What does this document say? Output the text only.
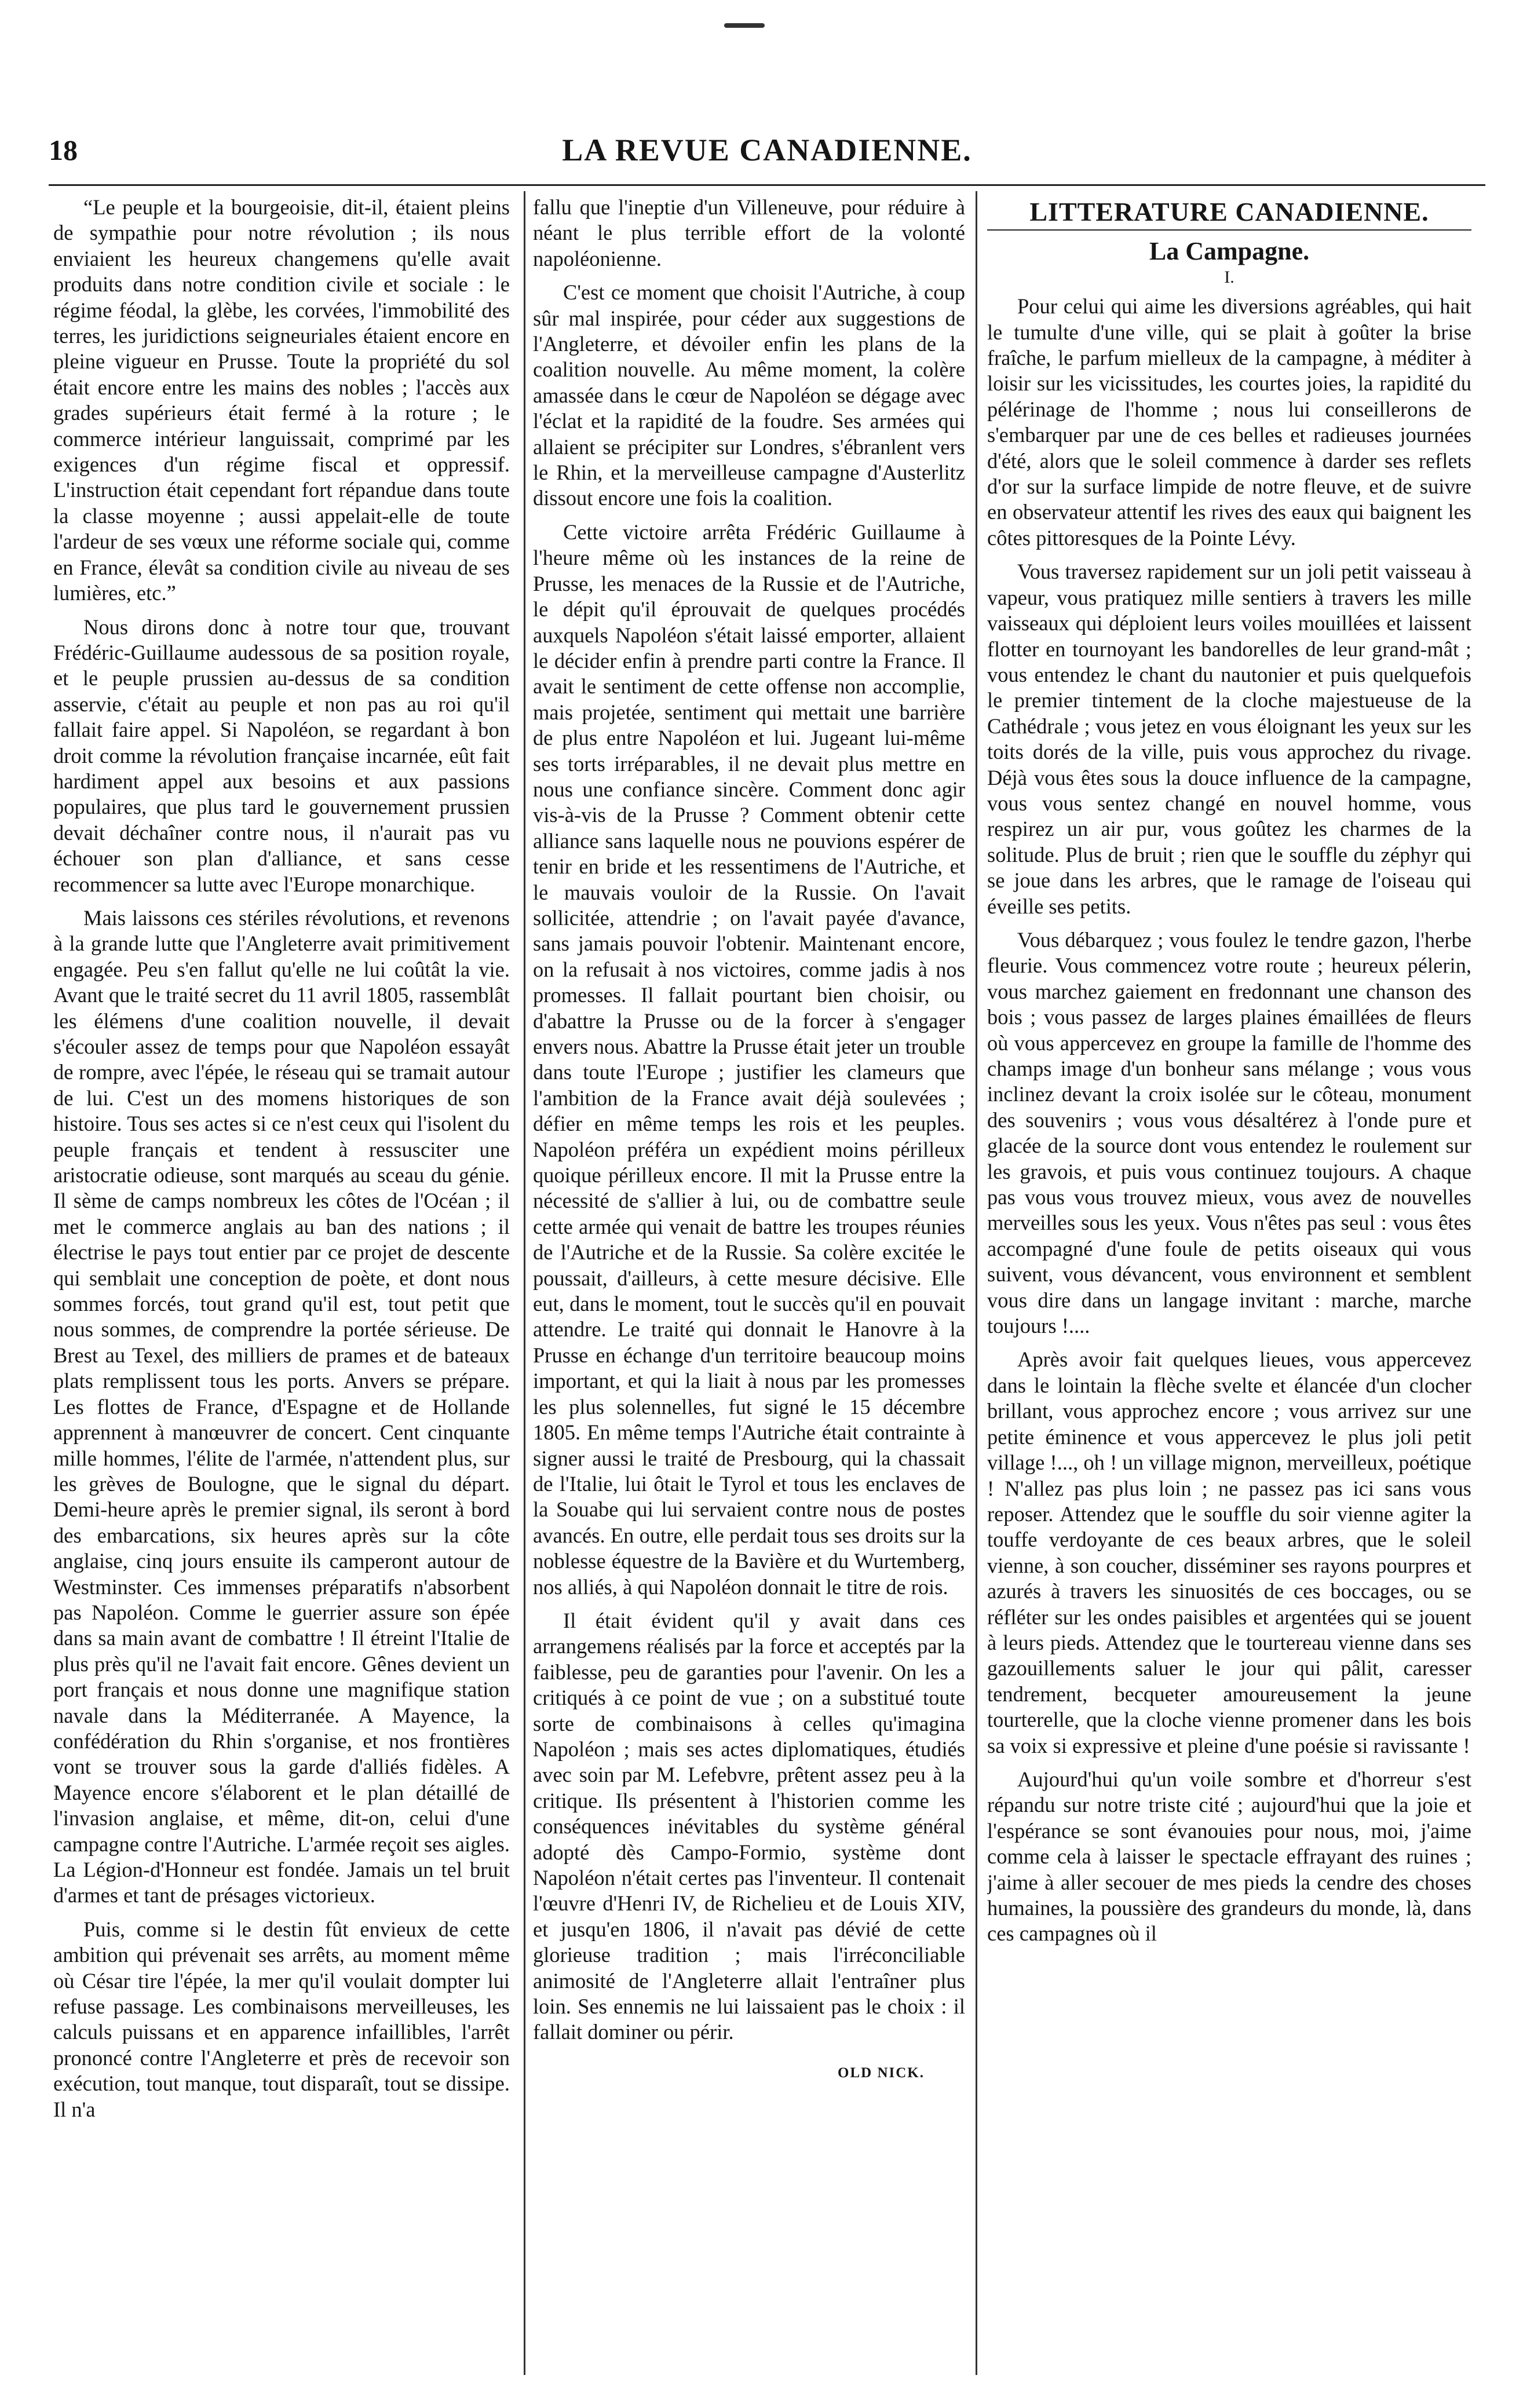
18	LA REVUE CANADIENNE.

“Le peuple et la bourgeoisie, dit-il, étaient pleins de sympathie pour notre révolution ; ils nous enviaient les heureux changemens qu'elle avait produits dans notre condition civile et sociale : le régime féodal, la glèbe, les corvées, l'immobilité des terres, les juridictions seigneuriales étaient encore en pleine vigueur en Prusse. Toute la propriété du sol était encore entre les mains des nobles ; l'accès aux grades supérieurs était fermé à la roture ; le commerce intérieur languissait, comprimé par les exigences d'un régime fiscal et oppressif. L'instruction était cependant fort répandue dans toute la classe moyenne ; aussi appelait-elle de toute l'ardeur de ses vœux une réforme sociale qui, comme en France, élevât sa condition civile au niveau de ses lumières, etc.”

Nous dirons donc à notre tour que, trouvant Frédéric-Guillaume audessous de sa position royale, et le peuple prussien au-dessus de sa condition asservie, c'était au peuple et non pas au roi qu'il fallait faire appel. Si Napoléon, se regardant à bon droit comme la révolution française incarnée, eût fait hardiment appel aux besoins et aux passions populaires, que plus tard le gouvernement prussien devait déchaîner contre nous, il n'aurait pas vu échouer son plan d'alliance, et sans cesse recommencer sa lutte avec l'Europe monarchique.

Mais laissons ces stériles révolutions, et revenons à la grande lutte que l'Angleterre avait primitivement engagée. Peu s'en fallut qu'elle ne lui coûtât la vie. Avant que le traité secret du 11 avril 1805, rassemblât les élémens d'une coalition nouvelle, il devait s'écouler assez de temps pour que Napoléon essayât de rompre, avec l'épée, le réseau qui se tramait autour de lui. C'est un des momens historiques de son histoire. Tous ses actes si ce n'est ceux qui l'isolent du peuple français et tendent à ressusciter une aristocratie odieuse, sont marqués au sceau du génie. Il sème de camps nombreux les côtes de l'Océan ; il met le commerce anglais au ban des nations ; il électrise le pays tout entier par ce projet de descente qui semblait une conception de poète, et dont nous sommes forcés, tout grand qu'il est, tout petit que nous sommes, de comprendre la portée sérieuse. De Brest au Texel, des milliers de prames et de bateaux plats remplissent tous les ports. Anvers se prépare. Les flottes de France, d'Espagne et de Hollande apprennent à manœuvrer de concert. Cent cinquante mille hommes, l'élite de l'armée, n'attendent plus, sur les grèves de Boulogne, que le signal du départ. Demi-heure après le premier signal, ils seront à bord des embarcations, six heures après sur la côte anglaise, cinq jours ensuite ils camperont autour de Westminster. Ces immenses préparatifs n'absorbent pas Napoléon. Comme le guerrier assure son épée dans sa main avant de combattre ! Il étreint l'Italie de plus près qu'il ne l'avait fait encore. Gênes devient un port français et nous donne une magnifique station navale dans la Méditerranée. A Mayence, la confédération du Rhin s'organise, et nos frontières vont se trouver sous la garde d'alliés fidèles. A Mayence encore s'élaborent et le plan détaillé de l'invasion anglaise, et même, dit-on, celui d'une campagne contre l'Autriche. L'armée reçoit ses aigles. La Légion-d'Honneur est fondée. Jamais un tel bruit d'armes et tant de présages victorieux.

Puis, comme si le destin fût envieux de cette ambition qui prévenait ses arrêts, au moment même où César tire l'épée, la mer qu'il voulait dompter lui refuse passage. Les combinaisons merveilleuses, les calculs puissans et en apparence infaillibles, l'arrêt prononcé contre l'Angleterre et près de recevoir son exécution, tout manque, tout disparaît, tout se dissipe. Il n'a

fallu que l'ineptie d'un Villeneuve, pour réduire à néant le plus terrible effort de la volonté napoléonienne.

C'est ce moment que choisit l'Autriche, à coup sûr mal inspirée, pour céder aux suggestions de l'Angleterre, et dévoiler enfin les plans de la coalition nouvelle. Au même moment, la colère amassée dans le cœur de Napoléon se dégage avec l'éclat et la rapidité de la foudre. Ses armées qui allaient se précipiter sur Londres, s'ébranlent vers le Rhin, et la merveilleuse campagne d'Austerlitz dissout encore une fois la coalition.

Cette victoire arrêta Frédéric Guillaume à l'heure même où les instances de la reine de Prusse, les menaces de la Russie et de l'Autriche, le dépit qu'il éprouvait de quelques procédés auxquels Napoléon s'était laissé emporter, allaient le décider enfin à prendre parti contre la France. Il avait le sentiment de cette offense non accomplie, mais projetée, sentiment qui mettait une barrière de plus entre Napoléon et lui. Jugeant lui-même ses torts irréparables, il ne devait plus mettre en nous une confiance sincère. Comment donc agir vis-à-vis de la Prusse ? Comment obtenir cette alliance sans laquelle nous ne pouvions espérer de tenir en bride et les ressentimens de l'Autriche, et le mauvais vouloir de la Russie. On l'avait sollicitée, attendrie ; on l'avait payée d'avance, sans jamais pouvoir l'obtenir. Maintenant encore, on la refusait à nos victoires, comme jadis à nos promesses. Il fallait pourtant bien choisir, ou d'abattre la Prusse ou de la forcer à s'engager envers nous. Abattre la Prusse était jeter un trouble dans toute l'Europe ; justifier les clameurs que l'ambition de la France avait déjà soulevées ; défier en même temps les rois et les peuples. Napoléon préféra un expédient moins périlleux quoique périlleux encore. Il mit la Prusse entre la nécessité de s'allier à lui, ou de combattre seule cette armée qui venait de battre les troupes réunies de l'Autriche et de la Russie. Sa colère excitée le poussait, d'ailleurs, à cette mesure décisive. Elle eut, dans le moment, tout le succès qu'il en pouvait attendre. Le traité qui donnait le Hanovre à la Prusse en échange d'un territoire beaucoup moins important, et qui la liait à nous par les promesses les plus solennelles, fut signé le 15 décembre 1805. En même temps l'Autriche était contrainte à signer aussi le traité de Presbourg, qui la chassait de l'Italie, lui ôtait le Tyrol et tous les enclaves de la Souabe qui lui servaient contre nous de postes avancés. En outre, elle perdait tous ses droits sur la noblesse équestre de la Bavière et du Wurtemberg, nos alliés, à qui Napoléon donnait le titre de rois.

Il était évident qu'il y avait dans ces arrangemens réalisés par la force et acceptés par la faiblesse, peu de garanties pour l'avenir. On les a critiqués à ce point de vue ; on a substitué toute sorte de combinaisons à celles qu'imagina Napoléon ; mais ses actes diplomatiques, étudiés avec soin par M. Lefebvre, prêtent assez peu à la critique. Ils présentent à l'historien comme les conséquences inévitables du système général adopté dès Campo-Formio, système dont Napoléon n'était certes pas l'inventeur. Il contenait l'œuvre d'Henri IV, de Richelieu et de Louis XIV, et jusqu'en 1806, il n'avait pas dévié de cette glorieuse tradition ; mais l'irréconciliable animosité de l'Angleterre allait l'entraîner plus loin. Ses ennemis ne lui laissaient pas le choix : il fallait dominer ou périr.

OLD NICK.
LITTERATURE CANADIENNE.
La Campagne.
I.

Pour celui qui aime les diversions agréables, qui hait le tumulte d'une ville, qui se plait à goûter la brise fraîche, le parfum mielleux de la campagne, à méditer à loisir sur les vicissitudes, les courtes joies, la rapidité du pélérinage de l'homme ; nous lui conseillerons de s'embarquer par une de ces belles et radieuses journées d'été, alors que le soleil commence à darder ses reflets d'or sur la surface limpide de notre fleuve, et de suivre en observateur attentif les rives des eaux qui baignent les côtes pittoresques de la Pointe Lévy.

Vous traversez rapidement sur un joli petit vaisseau à vapeur, vous pratiquez mille sentiers à travers les mille vaisseaux qui déploient leurs voiles mouillées et laissent flotter en tournoyant les bandorelles de leur grand-mât ; vous entendez le chant du nautonier et puis quelquefois le premier tintement de la cloche majestueuse de la Cathédrale ; vous jetez en vous éloignant les yeux sur les toits dorés de la ville, puis vous approchez du rivage. Déjà vous êtes sous la douce influence de la campagne, vous vous sentez changé en nouvel homme, vous respirez un air pur, vous goûtez les charmes de la solitude. Plus de bruit ; rien que le souffle du zéphyr qui se joue dans les arbres, que le ramage de l'oiseau qui éveille ses petits.

Vous débarquez ; vous foulez le tendre gazon, l'herbe fleurie. Vous commencez votre route ; heureux pélerin, vous marchez gaiement en fredonnant une chanson des bois ; vous passez de larges plaines émaillées de fleurs où vous appercevez en groupe la famille de l'homme des champs image d'un bonheur sans mélange ; vous vous inclinez devant la croix isolée sur le côteau, monument des souvenirs ; vous vous désaltérez à l'onde pure et glacée de la source dont vous entendez le roulement sur les gravois, et puis vous continuez toujours. A chaque pas vous vous trouvez mieux, vous avez de nouvelles merveilles sous les yeux. Vous n'êtes pas seul : vous êtes accompagné d'une foule de petits oiseaux qui vous suivent, vous dévancent, vous environnent et semblent vous dire dans un langage invitant : marche, marche toujours !....

Après avoir fait quelques lieues, vous appercevez dans le lointain la flèche svelte et élancée d'un clocher brillant, vous approchez encore ; vous arrivez sur une petite éminence et vous appercevez le plus joli petit village !..., oh ! un village mignon, merveilleux, poétique ! N'allez pas plus loin ; ne passez pas ici sans vous reposer. Attendez que le souffle du soir vienne agiter la touffe verdoyante de ces beaux arbres, que le soleil vienne, à son coucher, disséminer ses rayons pourpres et azurés à travers les sinuosités de ces boccages, ou se réfléter sur les ondes paisibles et argentées qui se jouent à leurs pieds. Attendez que le tourtereau vienne dans ses gazouillements saluer le jour qui pâlit, caresser tendrement, becqueter amoureusement la jeune tourterelle, que la cloche vienne promener dans les bois sa voix si expressive et pleine d'une poésie si ravissante !

Aujourd'hui qu'un voile sombre et d'horreur s'est répandu sur notre triste cité ; aujourd'hui que la joie et l'espérance se sont évanouies pour nous, moi, j'aime comme cela à laisser le spectacle effrayant des ruines ; j'aime à aller secouer de mes pieds la cendre des choses humaines, la poussière des grandeurs du monde, là, dans ces campagnes où il
